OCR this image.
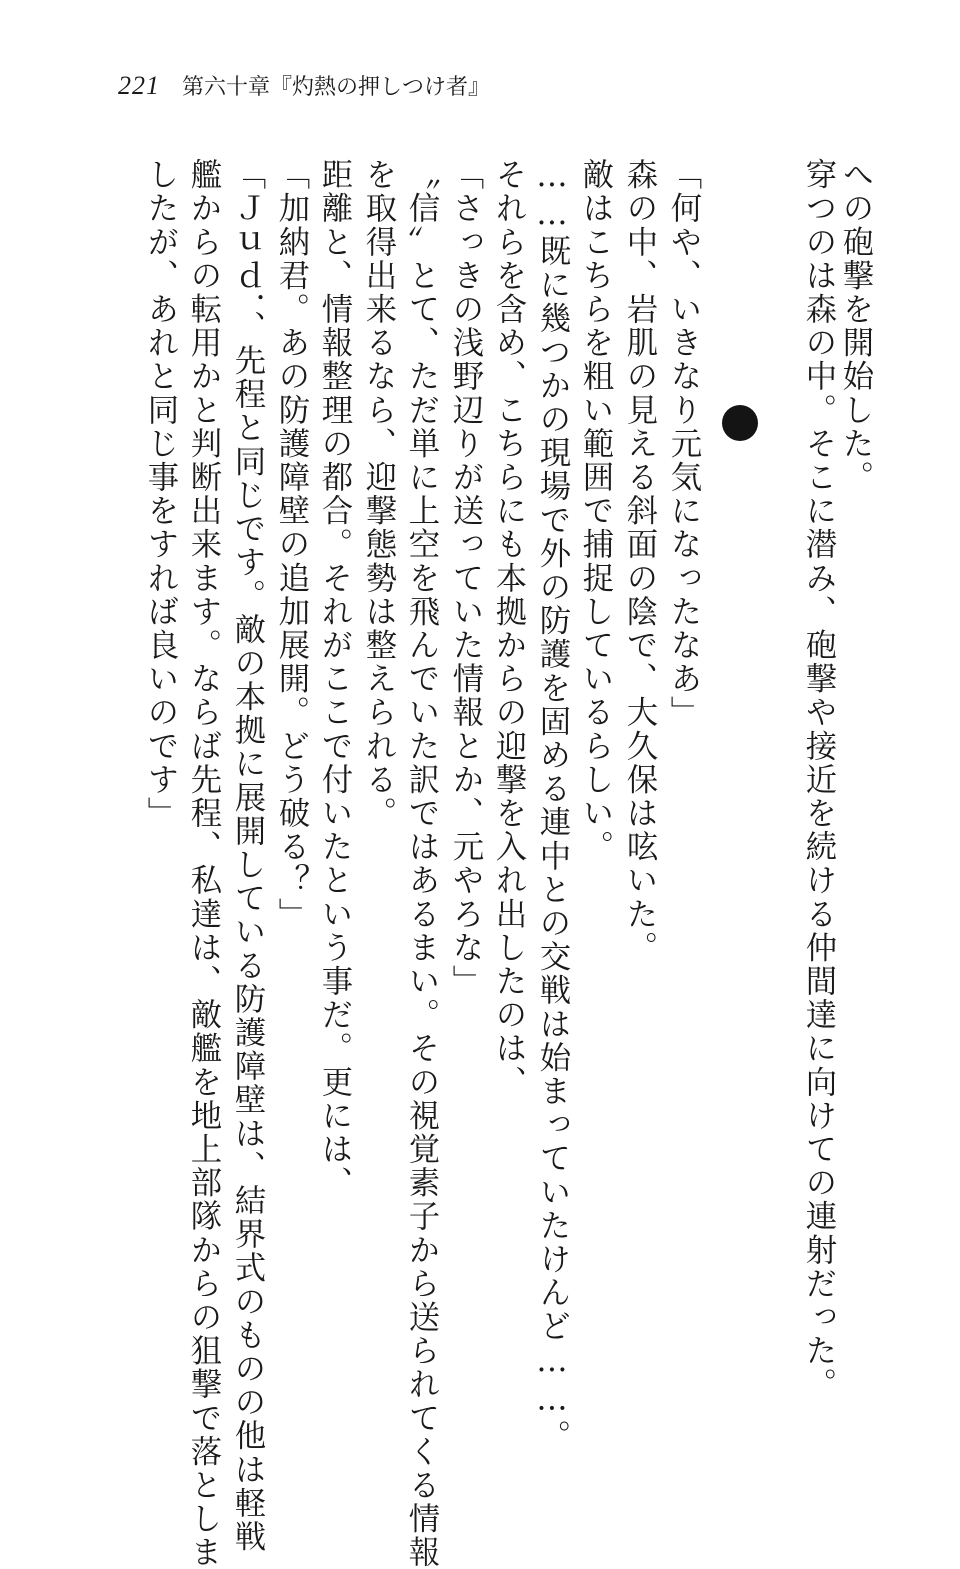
221 第六十章『灼熱の押しつけ者』
への砲撃を開始した。
穿つのは森の中。そこに潜み、砲撃や接近を続ける仲間達に向けての連射だった。
「何や、いきなり元気になったなあ」
森の中、岩肌の見える斜面の陰で、大久保は呟いた。
敵はこちらを粗い範囲で捕捉しているらしい。
……既に幾つかの現場で外の防護を固める連中との交戦は始まっていたけんど……。
それらを含め、こちらにも本拠からの迎撃を入れ出したのは、
「さっきの浅野辺りが送っていた情報とか、元やろな」
〝信〟とて、ただ単に上空を飛んでいた訳ではあるまい。その視覚素子から送られてくる情報
を取得出来るなら、迎撃態勢は整えられる。
距離と、情報整理の都合。それがここで付いたという事だ。更には、
「加納君。あの防護障壁の追加展開。どう破る？」
「Ｊｕｄ．、先程と同じです。敵の本拠に展開している防護障壁は、結界式のものの他は軽戦
艦からの転用かと判断出来ます。ならば先程、私達は、敵艦を地上部隊からの狙撃で落としま
したが、あれと同じ事をすれば良いのです」
